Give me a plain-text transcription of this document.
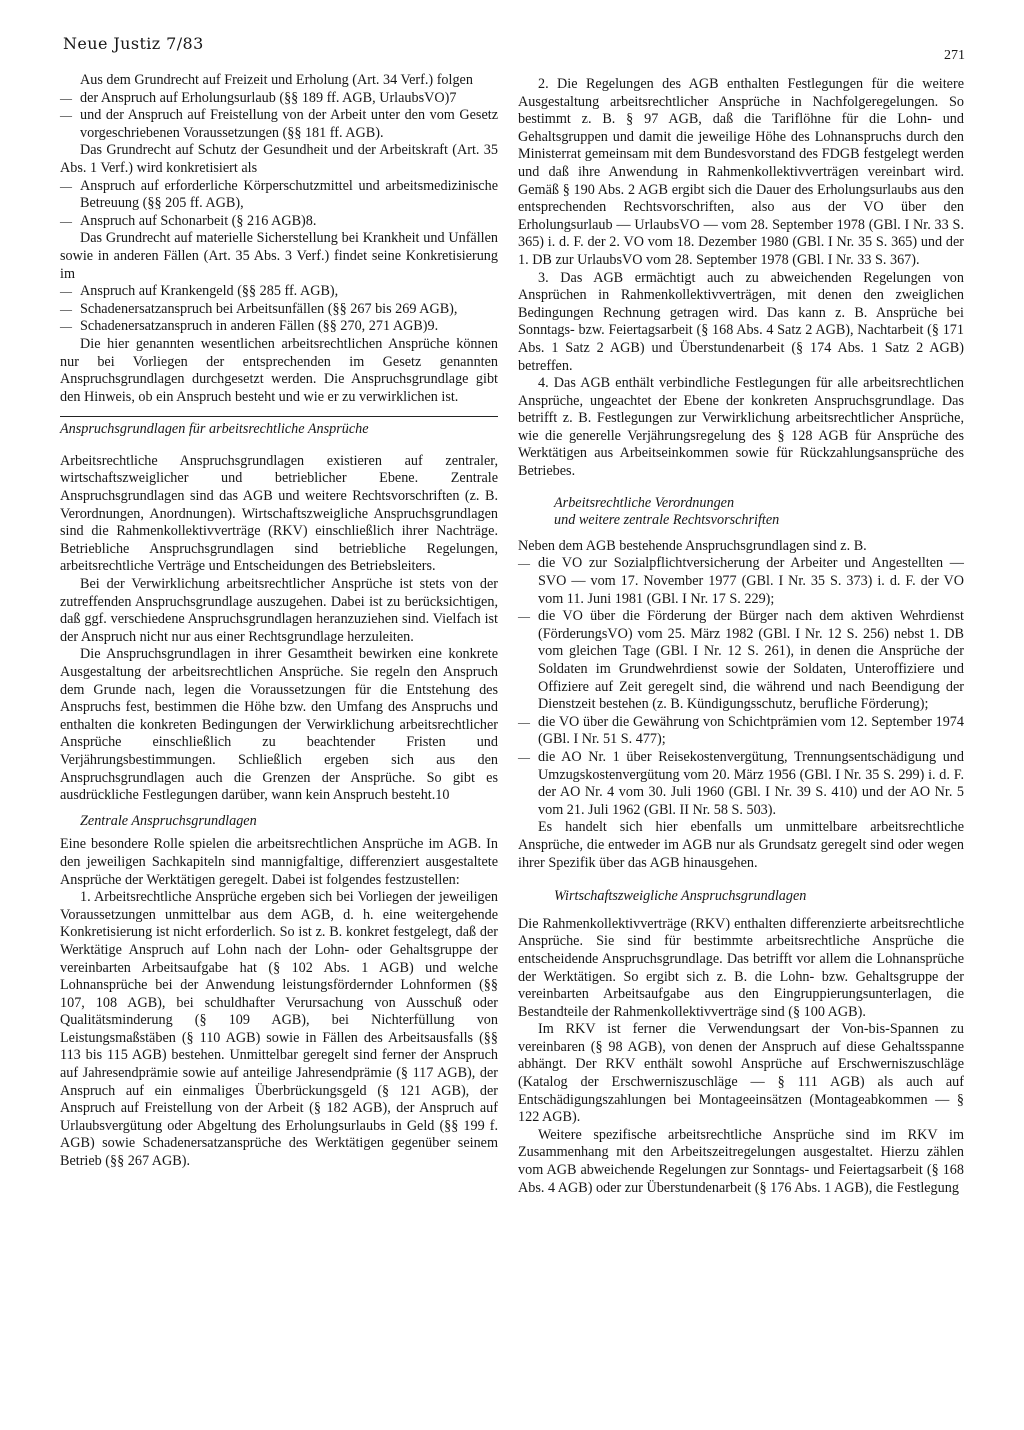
Neue Justiz 7/83
271

Aus dem Grundrecht auf Freizeit und Erholung (Art. 34 Verf.) folgen

— der Anspruch auf Erholungsurlaub (§§ 189 ff. AGB, UrlaubsVO)7
— und der Anspruch auf Freistellung von der Arbeit unter den vom Gesetz vorgeschriebenen Voraussetzungen (§§ 181 ff. AGB).

Das Grundrecht auf Schutz der Gesundheit und der Arbeitskraft (Art. 35 Abs. 1 Verf.) wird konkretisiert als

— Anspruch auf erforderliche Körperschutzmittel und arbeitsmedizinische Betreuung (§§ 205 ff. AGB),
— Anspruch auf Schonarbeit (§ 216 AGB)8.

Das Grundrecht auf materielle Sicherstellung bei Krankheit und Unfällen sowie in anderen Fällen (Art. 35 Abs. 3 Verf.) findet seine Konkretisierung im

— Anspruch auf Krankengeld (§§ 285 ff. AGB),
— Schadenersatzanspruch bei Arbeitsunfällen (§§ 267 bis 269 AGB),
— Schadenersatzanspruch in anderen Fällen (§§ 270, 271 AGB)9.

Die hier genannten wesentlichen arbeitsrechtlichen Ansprüche können nur bei Vorliegen der entsprechenden im Gesetz genannten Anspruchsgrundlagen durchgesetzt werden. Die Anspruchsgrundlage gibt den Hinweis, ob ein Anspruch besteht und wie er zu verwirklichen ist.

Anspruchsgrundlagen für arbeitsrechtliche Ansprüche

Arbeitsrechtliche Anspruchsgrundlagen existieren auf zentraler, wirtschaftszweiglicher und betrieblicher Ebene. Zentrale Anspruchsgrundlagen sind das AGB und weitere Rechtsvorschriften (z. B. Verordnungen, Anordnungen). Wirtschaftszweigliche Anspruchsgrundlagen sind die Rahmenkollektivverträge (RKV) einschließlich ihrer Nachträge. Betriebliche Anspruchsgrundlagen sind betriebliche Regelungen, arbeitsrechtliche Verträge und Entscheidungen des Betriebsleiters.

Bei der Verwirklichung arbeitsrechtlicher Ansprüche ist stets von der zutreffenden Anspruchsgrundlage auszugehen. Dabei ist zu berücksichtigen, daß ggf. verschiedene Anspruchsgrundlagen heranzuziehen sind. Vielfach ist der Anspruch nicht nur aus einer Rechtsgrundlage herzuleiten.

Die Anspruchsgrundlagen in ihrer Gesamtheit bewirken eine konkrete Ausgestaltung der arbeitsrechtlichen Ansprüche. Sie regeln den Anspruch dem Grunde nach, legen die Voraussetzungen für die Entstehung des Anspruchs fest, bestimmen die Höhe bzw. den Umfang des Anspruchs und enthalten die konkreten Bedingungen der Verwirklichung arbeitsrechtlicher Ansprüche einschließlich zu beachtender Fristen und Verjährungsbestimmungen. Schließlich ergeben sich aus den Anspruchsgrundlagen auch die Grenzen der Ansprüche. So gibt es ausdrückliche Festlegungen darüber, wann kein Anspruch besteht.10

Zentrale Anspruchsgrundlagen

Eine besondere Rolle spielen die arbeitsrechtlichen Ansprüche im AGB. In den jeweiligen Sachkapiteln sind mannigfaltige, differenziert ausgestaltete Ansprüche der Werktätigen geregelt. Dabei ist folgendes festzustellen:

1. Arbeitsrechtliche Ansprüche ergeben sich bei Vorliegen der jeweiligen Voraussetzungen unmittelbar aus dem AGB, d. h. eine weitergehende Konkretisierung ist nicht erforderlich. So ist z. B. konkret festgelegt, daß der Werktätige Anspruch auf Lohn nach der Lohn- oder Gehaltsgruppe der vereinbarten Arbeitsaufgabe hat (§ 102 Abs. 1 AGB) und welche Lohnansprüche bei der Anwendung leistungsfördernder Lohnformen (§§ 107, 108 AGB), bei schuldhafter Verursachung von Ausschuß oder Qualitätsminderung (§ 109 AGB), bei Nichterfüllung von Leistungsmaßstäben (§ 110 AGB) sowie in Fällen des Arbeitsausfalls (§§ 113 bis 115 AGB) bestehen. Unmittelbar geregelt sind ferner der Anspruch auf Jahresendprämie sowie auf anteilige Jahresendprämie (§ 117 AGB), der Anspruch auf ein einmaliges Überbrückungsgeld (§ 121 AGB), der Anspruch auf Freistellung von der Arbeit (§ 182 AGB), der Anspruch auf Urlaubsvergütung oder Abgeltung des Erholungsurlaubs in Geld (§§ 199 f. AGB) sowie Schadenersatzansprüche des Werktätigen gegenüber seinem Betrieb (§§ 267 AGB).

2. Die Regelungen des AGB enthalten Festlegungen für die weitere Ausgestaltung arbeitsrechtlicher Ansprüche in Nachfolgeregelungen. So bestimmt z. B. § 97 AGB, daß die Tariflöhne für die Lohn- und Gehaltsgruppen und damit die jeweilige Höhe des Lohnanspruchs durch den Ministerrat gemeinsam mit dem Bundesvorstand des FDGB festgelegt werden und daß ihre Anwendung in Rahmenkollektivverträgen vereinbart wird. Gemäß § 190 Abs. 2 AGB ergibt sich die Dauer des Erholungsurlaubs aus den entsprechenden Rechtsvorschriften, also aus der VO über den Erholungsurlaub — UrlaubsVO — vom 28. September 1978 (GBl. I Nr. 33 S. 365) i. d. F. der 2. VO vom 18. Dezember 1980 (GBl. I Nr. 35 S. 365) und der 1. DB zur UrlaubsVO vom 28. September 1978 (GBl. I Nr. 33 S. 367).

3. Das AGB ermächtigt auch zu abweichenden Regelungen von Ansprüchen in Rahmenkollektivverträgen, mit denen den zweiglichen Bedingungen Rechnung getragen wird. Das kann z. B. Ansprüche bei Sonntags- bzw. Feiertagsarbeit (§ 168 Abs. 4 Satz 2 AGB), Nachtarbeit (§ 171 Abs. 1 Satz 2 AGB) und Überstundenarbeit (§ 174 Abs. 1 Satz 2 AGB) betreffen.

4. Das AGB enthält verbindliche Festlegungen für alle arbeitsrechtlichen Ansprüche, ungeachtet der Ebene der konkreten Anspruchsgrundlage. Das betrifft z. B. Festlegungen zur Verwirklichung arbeitsrechtlicher Ansprüche, wie die generelle Verjährungsregelung des § 128 AGB für Ansprüche des Werktätigen aus Arbeitseinkommen sowie für Rückzahlungsansprüche des Betriebes.

Arbeitsrechtliche Verordnungen
und weitere zentrale Rechtsvorschriften

Neben dem AGB bestehende Anspruchsgrundlagen sind z. B.

— die VO zur Sozialpflichtversicherung der Arbeiter und Angestellten — SVO — vom 17. November 1977 (GBl. I Nr. 35 S. 373) i. d. F. der VO vom 11. Juni 1981 (GBl. I Nr. 17 S. 229);
— die VO über die Förderung der Bürger nach dem aktiven Wehrdienst (FörderungsVO) vom 25. März 1982 (GBl. I Nr. 12 S. 256) nebst 1. DB vom gleichen Tage (GBl. I Nr. 12 S. 261), in denen die Ansprüche der Soldaten im Grundwehrdienst sowie der Soldaten, Unteroffiziere und Offiziere auf Zeit geregelt sind, die während und nach Beendigung der Dienstzeit bestehen (z. B. Kündigungsschutz, berufliche Förderung);
— die VO über die Gewährung von Schichtprämien vom 12. September 1974 (GBl. I Nr. 51 S. 477);
— die AO Nr. 1 über Reisekostenvergütung, Trennungsentschädigung und Umzugskostenvergütung vom 20. März 1956 (GBl. I Nr. 35 S. 299) i. d. F. der AO Nr. 4 vom 30. Juli 1960 (GBl. I Nr. 39 S. 410) und der AO Nr. 5 vom 21. Juli 1962 (GBl. II Nr. 58 S. 503).

Es handelt sich hier ebenfalls um unmittelbare arbeitsrechtliche Ansprüche, die entweder im AGB nur als Grundsatz geregelt sind oder wegen ihrer Spezifik über das AGB hinausgehen.

Wirtschaftszweigliche Anspruchsgrundlagen

Die Rahmenkollektivverträge (RKV) enthalten differenzierte arbeitsrechtliche Ansprüche. Sie sind für bestimmte arbeitsrechtliche Ansprüche die entscheidende Anspruchsgrundlage. Das betrifft vor allem die Lohnansprüche der Werktätigen. So ergibt sich z. B. die Lohn- bzw. Gehaltsgruppe der vereinbarten Arbeitsaufgabe aus den Eingruppierungsunterlagen, die Bestandteile der Rahmenkollektivverträge sind (§ 100 AGB).

Im RKV ist ferner die Verwendungsart der Von-bis-Spannen zu vereinbaren (§ 98 AGB), von denen der Anspruch auf diese Gehaltsspanne abhängt. Der RKV enthält sowohl Ansprüche auf Erschwerniszuschläge (Katalog der Erschwerniszuschläge — § 111 AGB) als auch auf Entschädigungszahlungen bei Montageeinsätzen (Montageabkommen — § 122 AGB).

Weitere spezifische arbeitsrechtliche Ansprüche sind im RKV im Zusammenhang mit den Arbeitszeitregelungen ausgestaltet. Hierzu zählen vom AGB abweichende Regelungen zur Sonntags- und Feiertagsarbeit (§ 168 Abs. 4 AGB) oder zur Überstundenarbeit (§ 176 Abs. 1 AGB), die Festlegung
